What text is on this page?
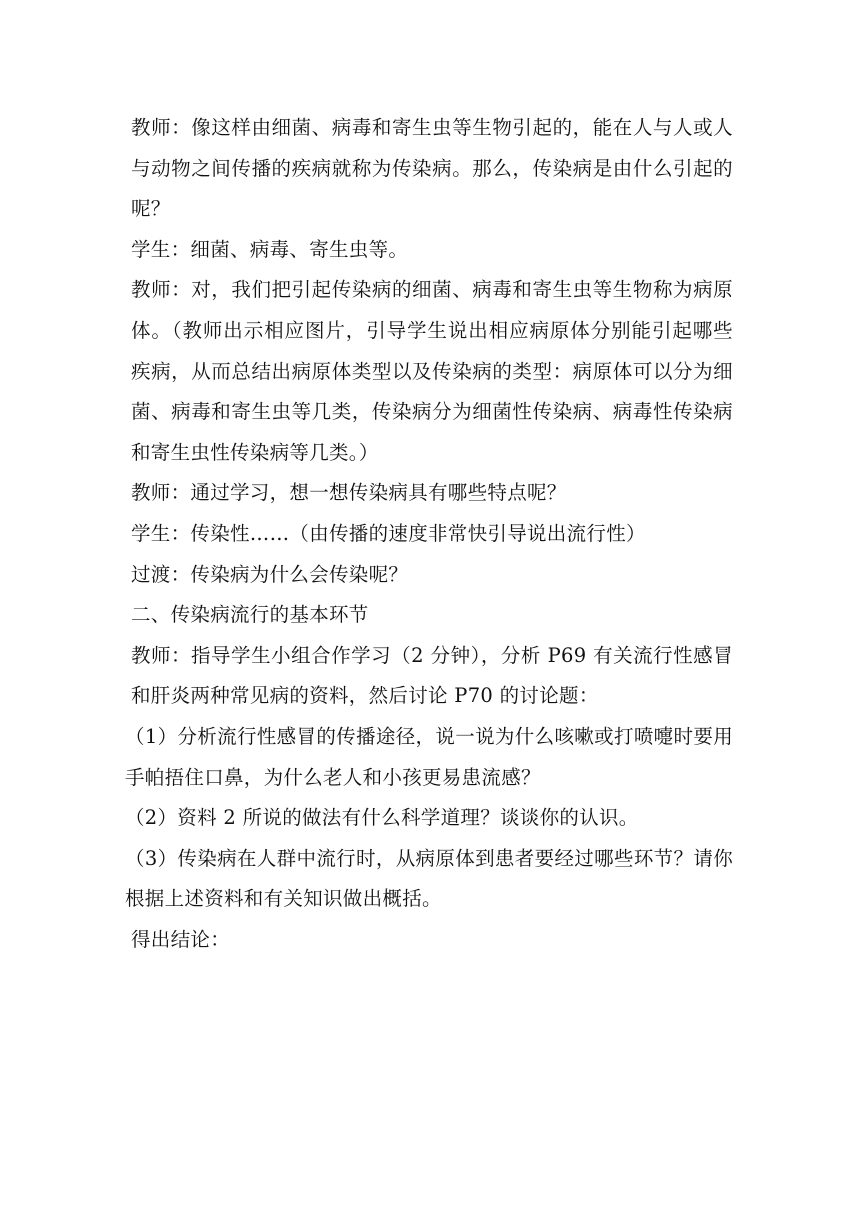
教师：像这样由细菌、病毒和寄生虫等生物引起的，能在人与人或人与动物之间传播的疾病就称为传染病。那么，传染病是由什么引起的呢？

学生：细菌、病毒、寄生虫等。

教师：对，我们把引起传染病的细菌、病毒和寄生虫等生物称为病原体。（教师出示相应图片，引导学生说出相应病原体分别能引起哪些疾病，从而总结出病原体类型以及传染病的类型：病原体可以分为细菌、病毒和寄生虫等几类，传染病分为细菌性传染病、病毒性传染病和寄生虫性传染病等几类。）

教师：通过学习，想一想传染病具有哪些特点呢？

学生：传染性……（由传播的速度非常快引导说出流行性）

过渡：传染病为什么会传染呢？

二、传染病流行的基本环节

教师：指导学生小组合作学习（2 分钟），分析 P69 有关流行性感冒和肝炎两种常见病的资料，然后讨论 P70 的讨论题：

（1）分析流行性感冒的传播途径，说一说为什么咳嗽或打喷嚏时要用手帕捂住口鼻，为什么老人和小孩更易患流感？

（2）资料 2 所说的做法有什么科学道理？谈谈你的认识。

（3）传染病在人群中流行时，从病原体到患者要经过哪些环节？请你根据上述资料和有关知识做出概括。

得出结论：
